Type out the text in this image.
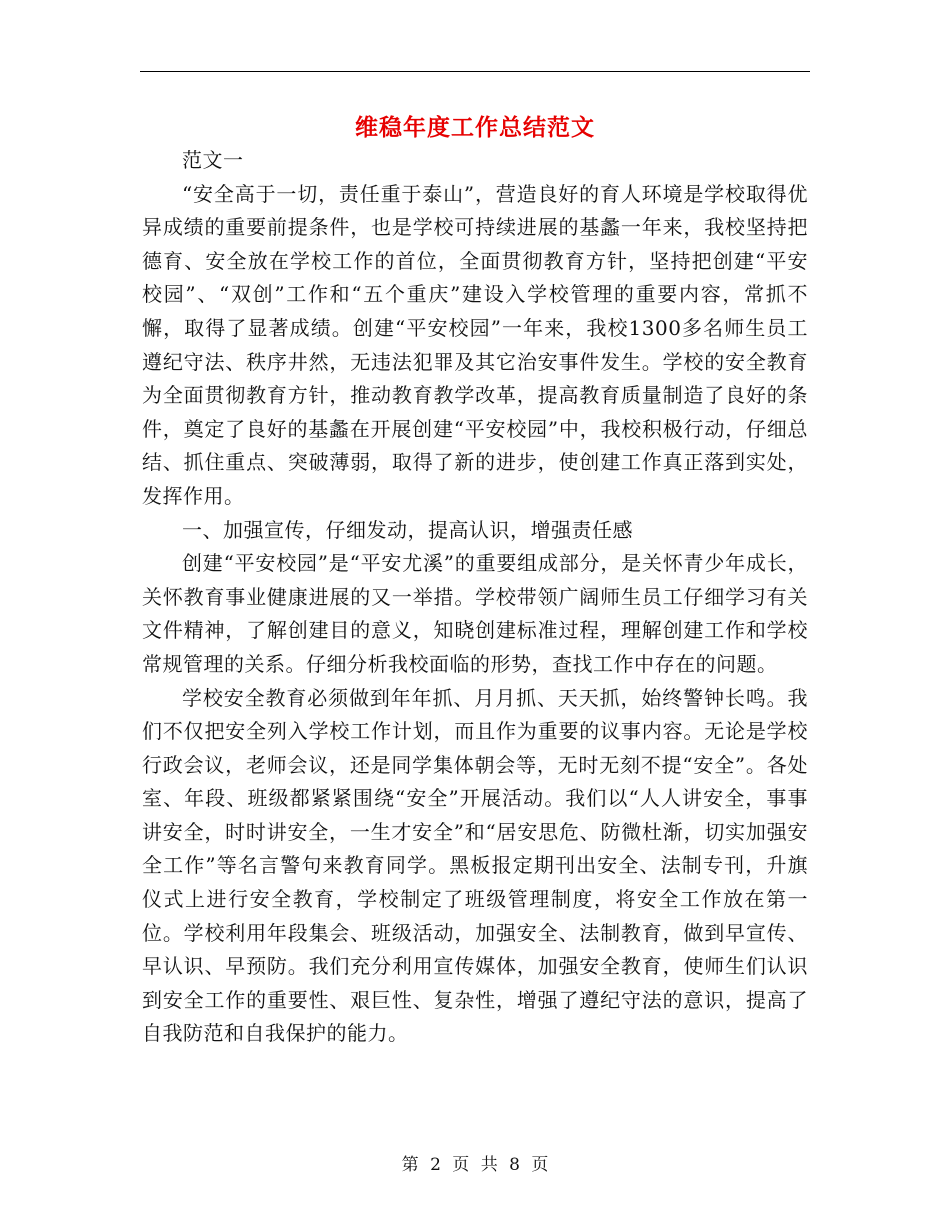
维稳年度工作总结范文

范文一

“安全高于一切，责任重于泰山”，营造良好的育人环境是学校取得优异成绩的重要前提条件，也是学校可持续进展的基蠡一年来，我校坚持把德育、安全放在学校工作的首位，全面贯彻教育方针，坚持把创建“平安校园”、“双创”工作和“五个重庆”建设入学校管理的重要内容，常抓不懈，取得了显著成绩。创建“平安校园”一年来，我校1300多名师生员工遵纪守法、秩序井然，无违法犯罪及其它治安事件发生。学校的安全教育为全面贯彻教育方针，推动教育教学改革，提高教育质量制造了良好的条件，奠定了良好的基蠡在开展创建“平安校园”中，我校积极行动，仔细总结、抓住重点、突破薄弱，取得了新的进步，使创建工作真正落到实处，发挥作用。

一、加强宣传，仔细发动，提高认识，增强责任感

创建“平安校园”是“平安尤溪”的重要组成部分，是关怀青少年成长，关怀教育事业健康进展的又一举措。学校带领广阔师生员工仔细学习有关文件精神，了解创建目的意义，知晓创建标准过程，理解创建工作和学校常规管理的关系。仔细分析我校面临的形势，查找工作中存在的问题。

学校安全教育必须做到年年抓、月月抓、天天抓，始终警钟长鸣。我们不仅把安全列入学校工作计划，而且作为重要的议事内容。无论是学校行政会议，老师会议，还是同学集体朝会等，无时无刻不提“安全”。各处室、年段、班级都紧紧围绕“安全”开展活动。我们以“人人讲安全，事事讲安全，时时讲安全，一生才安全”和“居安思危、防微杜渐，切实加强安全工作”等名言警句来教育同学。黑板报定期刊出安全、法制专刊，升旗仪式上进行安全教育，学校制定了班级管理制度，将安全工作放在第一位。学校利用年段集会、班级活动，加强安全、法制教育，做到早宣传、早认识、早预防。我们充分利用宣传媒体，加强安全教育，使师生们认识到安全工作的重要性、艰巨性、复杂性，增强了遵纪守法的意识，提高了自我防范和自我保护的能力。

第 2 页 共 8 页
